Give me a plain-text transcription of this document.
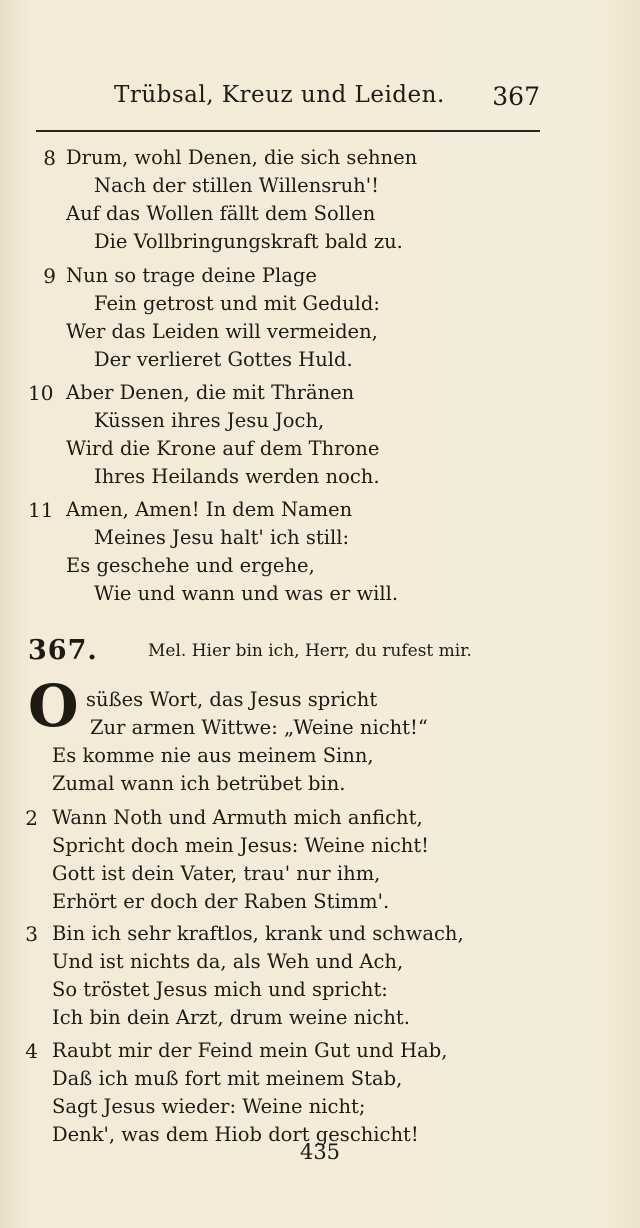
Trübsal, Kreuz und Leiden. 367
8 Drum, wohl Denen, die sich sehnen
Nach der stillen Willensruh'!
Auf das Wollen fällt dem Sollen
Die Vollbringungskraft bald zu.
9 Nun so trage deine Plage
Fein getrost und mit Geduld:
Wer das Leiden will vermeiden,
Der verlieret Gottes Huld.
10 Aber Denen, die mit Thränen
Küssen ihres Jesu Joch,
Wird die Krone auf dem Throne
Ihres Heilands werden noch.
11 Amen, Amen! In dem Namen
Meines Jesu halt' ich still:
Es geschehe und ergehe,
Wie und wann und was er will.
367.	Mel. Hier bin ich, Herr, du rufest mir.
O süßes Wort, das Jesus spricht
Zur armen Wittwe: „Weine nicht!“
Es komme nie aus meinem Sinn,
Zumal wann ich betrübet bin.
2 Wann Noth und Armuth mich anficht,
Spricht doch mein Jesus: Weine nicht!
Gott ist dein Vater, trau' nur ihm,
Erhört er doch der Raben Stimm'.
3 Bin ich sehr kraftlos, krank und schwach,
Und ist nichts da, als Weh und Ach,
So tröstet Jesus mich und spricht:
Ich bin dein Arzt, drum weine nicht.
4 Raubt mir der Feind mein Gut und Hab,
Daß ich muß fort mit meinem Stab,
Sagt Jesus wieder: Weine nicht;
Denk', was dem Hiob dort geschicht!
435
